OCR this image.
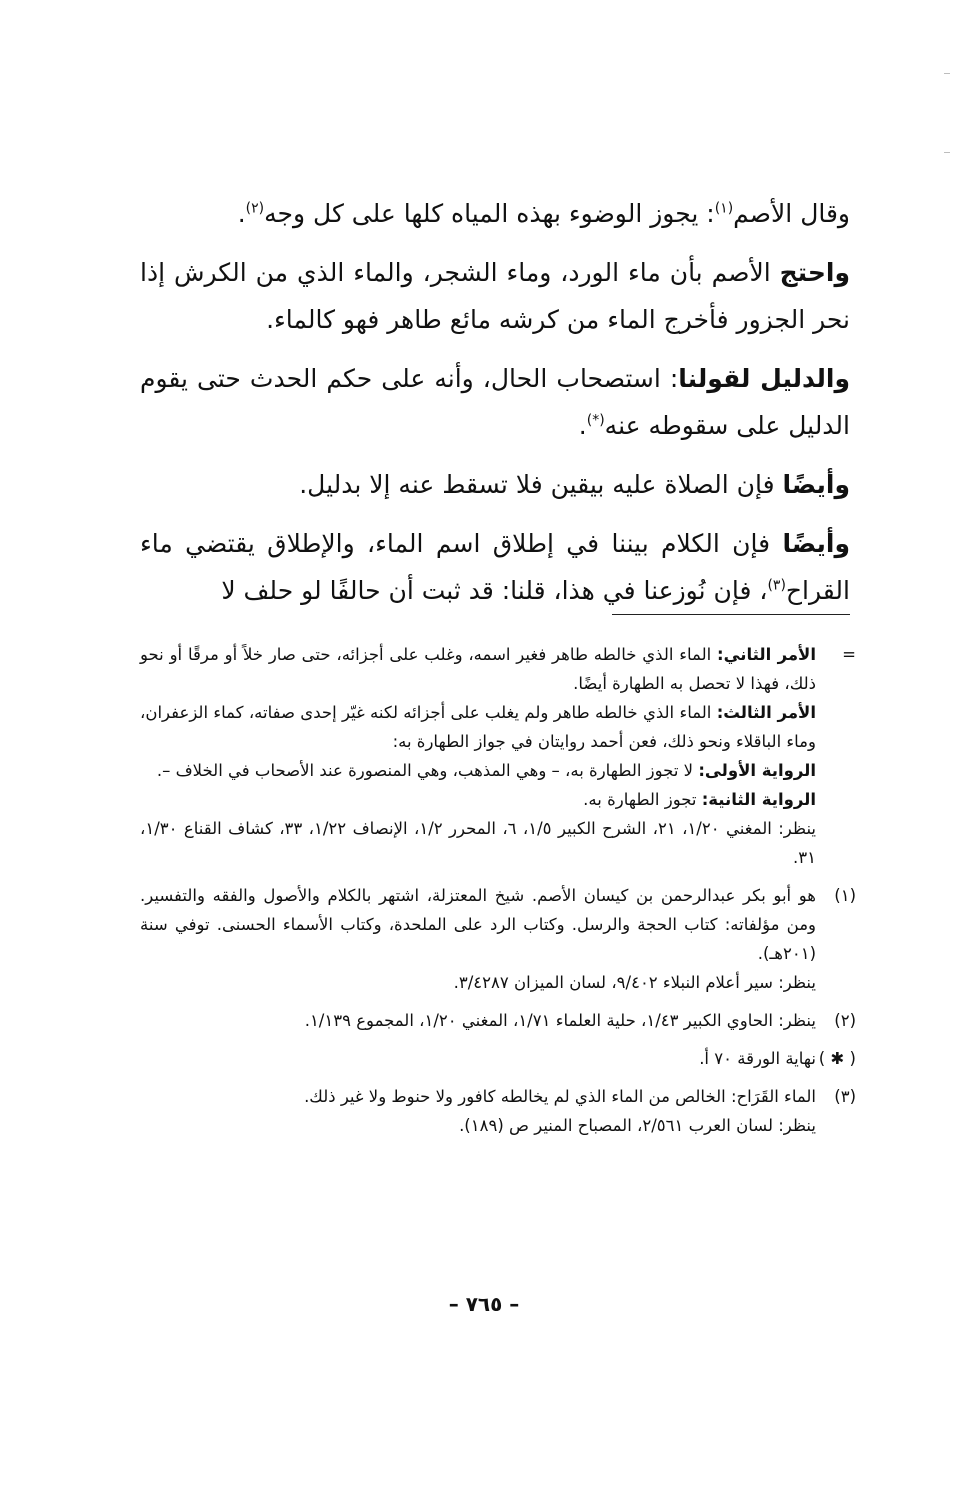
وقال الأصم$^{(١)}$: يجوز الوضوء بهذه المياه كلها على كل وجه$^{(٢)}$.

واحتج الأصم بأن ماء الورد، وماء الشجر، والماء الذي من الكرش إذا نحر الجزور فأخرج الماء من كرشه مائع طاهر فهو كالماء.

والدليل لقولنا: استصحاب الحال، وأنه على حكم الحدث حتى يقوم الدليل على سقوطه عنه(*).

وأيضًا فإن الصلاة عليه بيقين فلا تسقط عنه إلا بدليل.

وأيضًا فإن الكلام بيننا في إطلاق اسم الماء، والإطلاق يقتضي ماء القراح$^{(٣)}$، فإن نُوزعنا في هذا، قلنا: قد ثبت أن حالفًا لو حلف لا

=

الأمر الثاني: الماء الذي خالطه طاهر فغير اسمه، وغلب على أجزائه، حتى صار خلاً أو مرقًا أو نحو ذلك، فهذا لا تحصل به الطهارة أيضًا.

الأمر الثالث: الماء الذي خالطه طاهر ولم يغلب على أجزائه لكنه غيّر إحدى صفاته، كماء الزعفران، وماء الباقلاء ونحو ذلك، فعن أحمد روايتان في جواز الطهارة به:

الرواية الأولى: لا تجوز الطهارة به، – وهي المذهب، وهي المنصورة عند الأصحاب في الخلاف –.

الرواية الثانية: تجوز الطهارة به.

ينظر: المغني ١/٢٠، ٢١، الشرح الكبير ١/٥، ٦، المحرر ١/٢، الإنصاف ١/٢٢، ٣٣، كشاف القناع ١/٣٠، ٣١.

(١)

هو أبو بكر عبدالرحمن بن كيسان الأصم. شيخ المعتزلة، اشتهر بالكلام والأصول والفقه والتفسير. ومن مؤلفاته: كتاب الحجة والرسل. وكتاب الرد على الملحدة، وكتاب الأسماء الحسنى. توفي سنة (٢٠١هـ).

ينظر: سير أعلام النبلاء ٩/٤٠٢، لسان الميزان ٣/٤٢٨٧.

(٢)

ينظر: الحاوي الكبير ١/٤٣، حلية العلماء ١/٧١، المغني ١/٢٠، المجموع ١/١٣٩.

( ✱ )

نهاية الورقة ٧٠ أ.

(٣)

الماء القَرَاح: الخالص من الماء الذي لم يخالطه كافور ولا حنوط ولا غير ذلك.

ينظر: لسان العرب ٢/٥٦١، المصباح المنير ص (١٨٩).

– ٧٦٥ –
